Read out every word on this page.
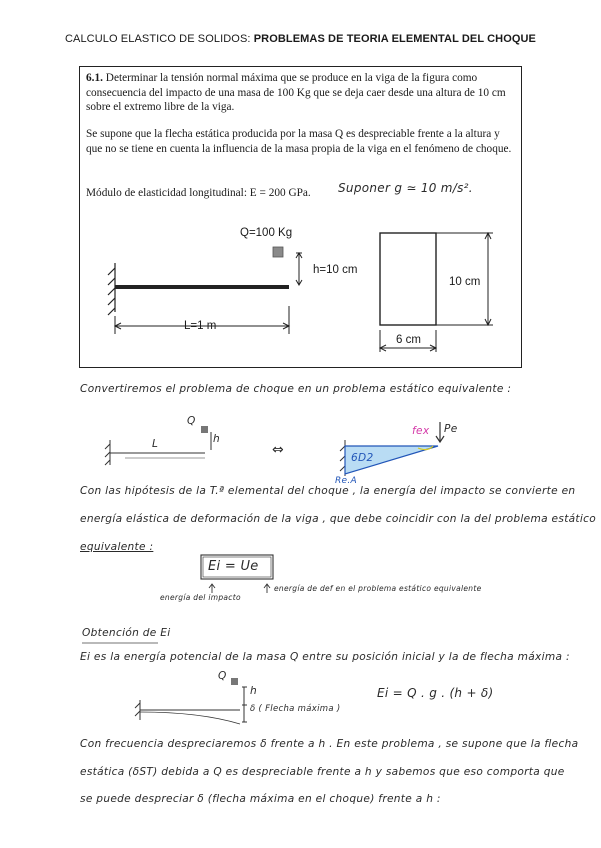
CALCULO ELASTICO DE SOLIDOS: PROBLEMAS DE TEORIA ELEMENTAL DEL CHOQUE
6.1. Determinar la tensión normal máxima que se produce en la viga de la figura como consecuencia del impacto de una masa de 100 Kg que se deja caer desde una altura de 10 cm sobre el extremo libre de la viga.
Se supone que la flecha estática producida por la masa Q es despreciable frente a la altura y que no se tiene en cuenta la influencia de la masa propia de la viga en el fenómeno de choque.
Módulo de elasticidad longitudinal: E = 200 GPa.	Suponer g ≃ 10 m/s².
Q=100 Kg
h=10 cm
L=1 m
10 cm
6 cm
Convertiremos el problema de choque en un problema estático equivalente :
Q
h
L	⇔
Pe
fex
6D2
Re.A
Con las hipótesis de la T.ª elemental del choque , la energía del impacto se convierte en
energía elástica de deformación de la viga , que debe coincidir con la del problema estático
equivalente :
Ei = Ue
energía del impacto
energía de def en el problema estático equivalente
Obtención de Ei
Ei es la energía potencial de la masa Q entre su posición inicial y la de flecha máxima :
Q
h
δ ( Flecha máxima )
Ei = Q . g . (h + δ)
Con frecuencia despreciaremos δ frente a h . En este problema , se supone que la flecha
estática (δST) debida a Q es despreciable frente a h y sabemos que eso comporta que
se puede despreciar δ (flecha máxima en el choque) frente a h :
